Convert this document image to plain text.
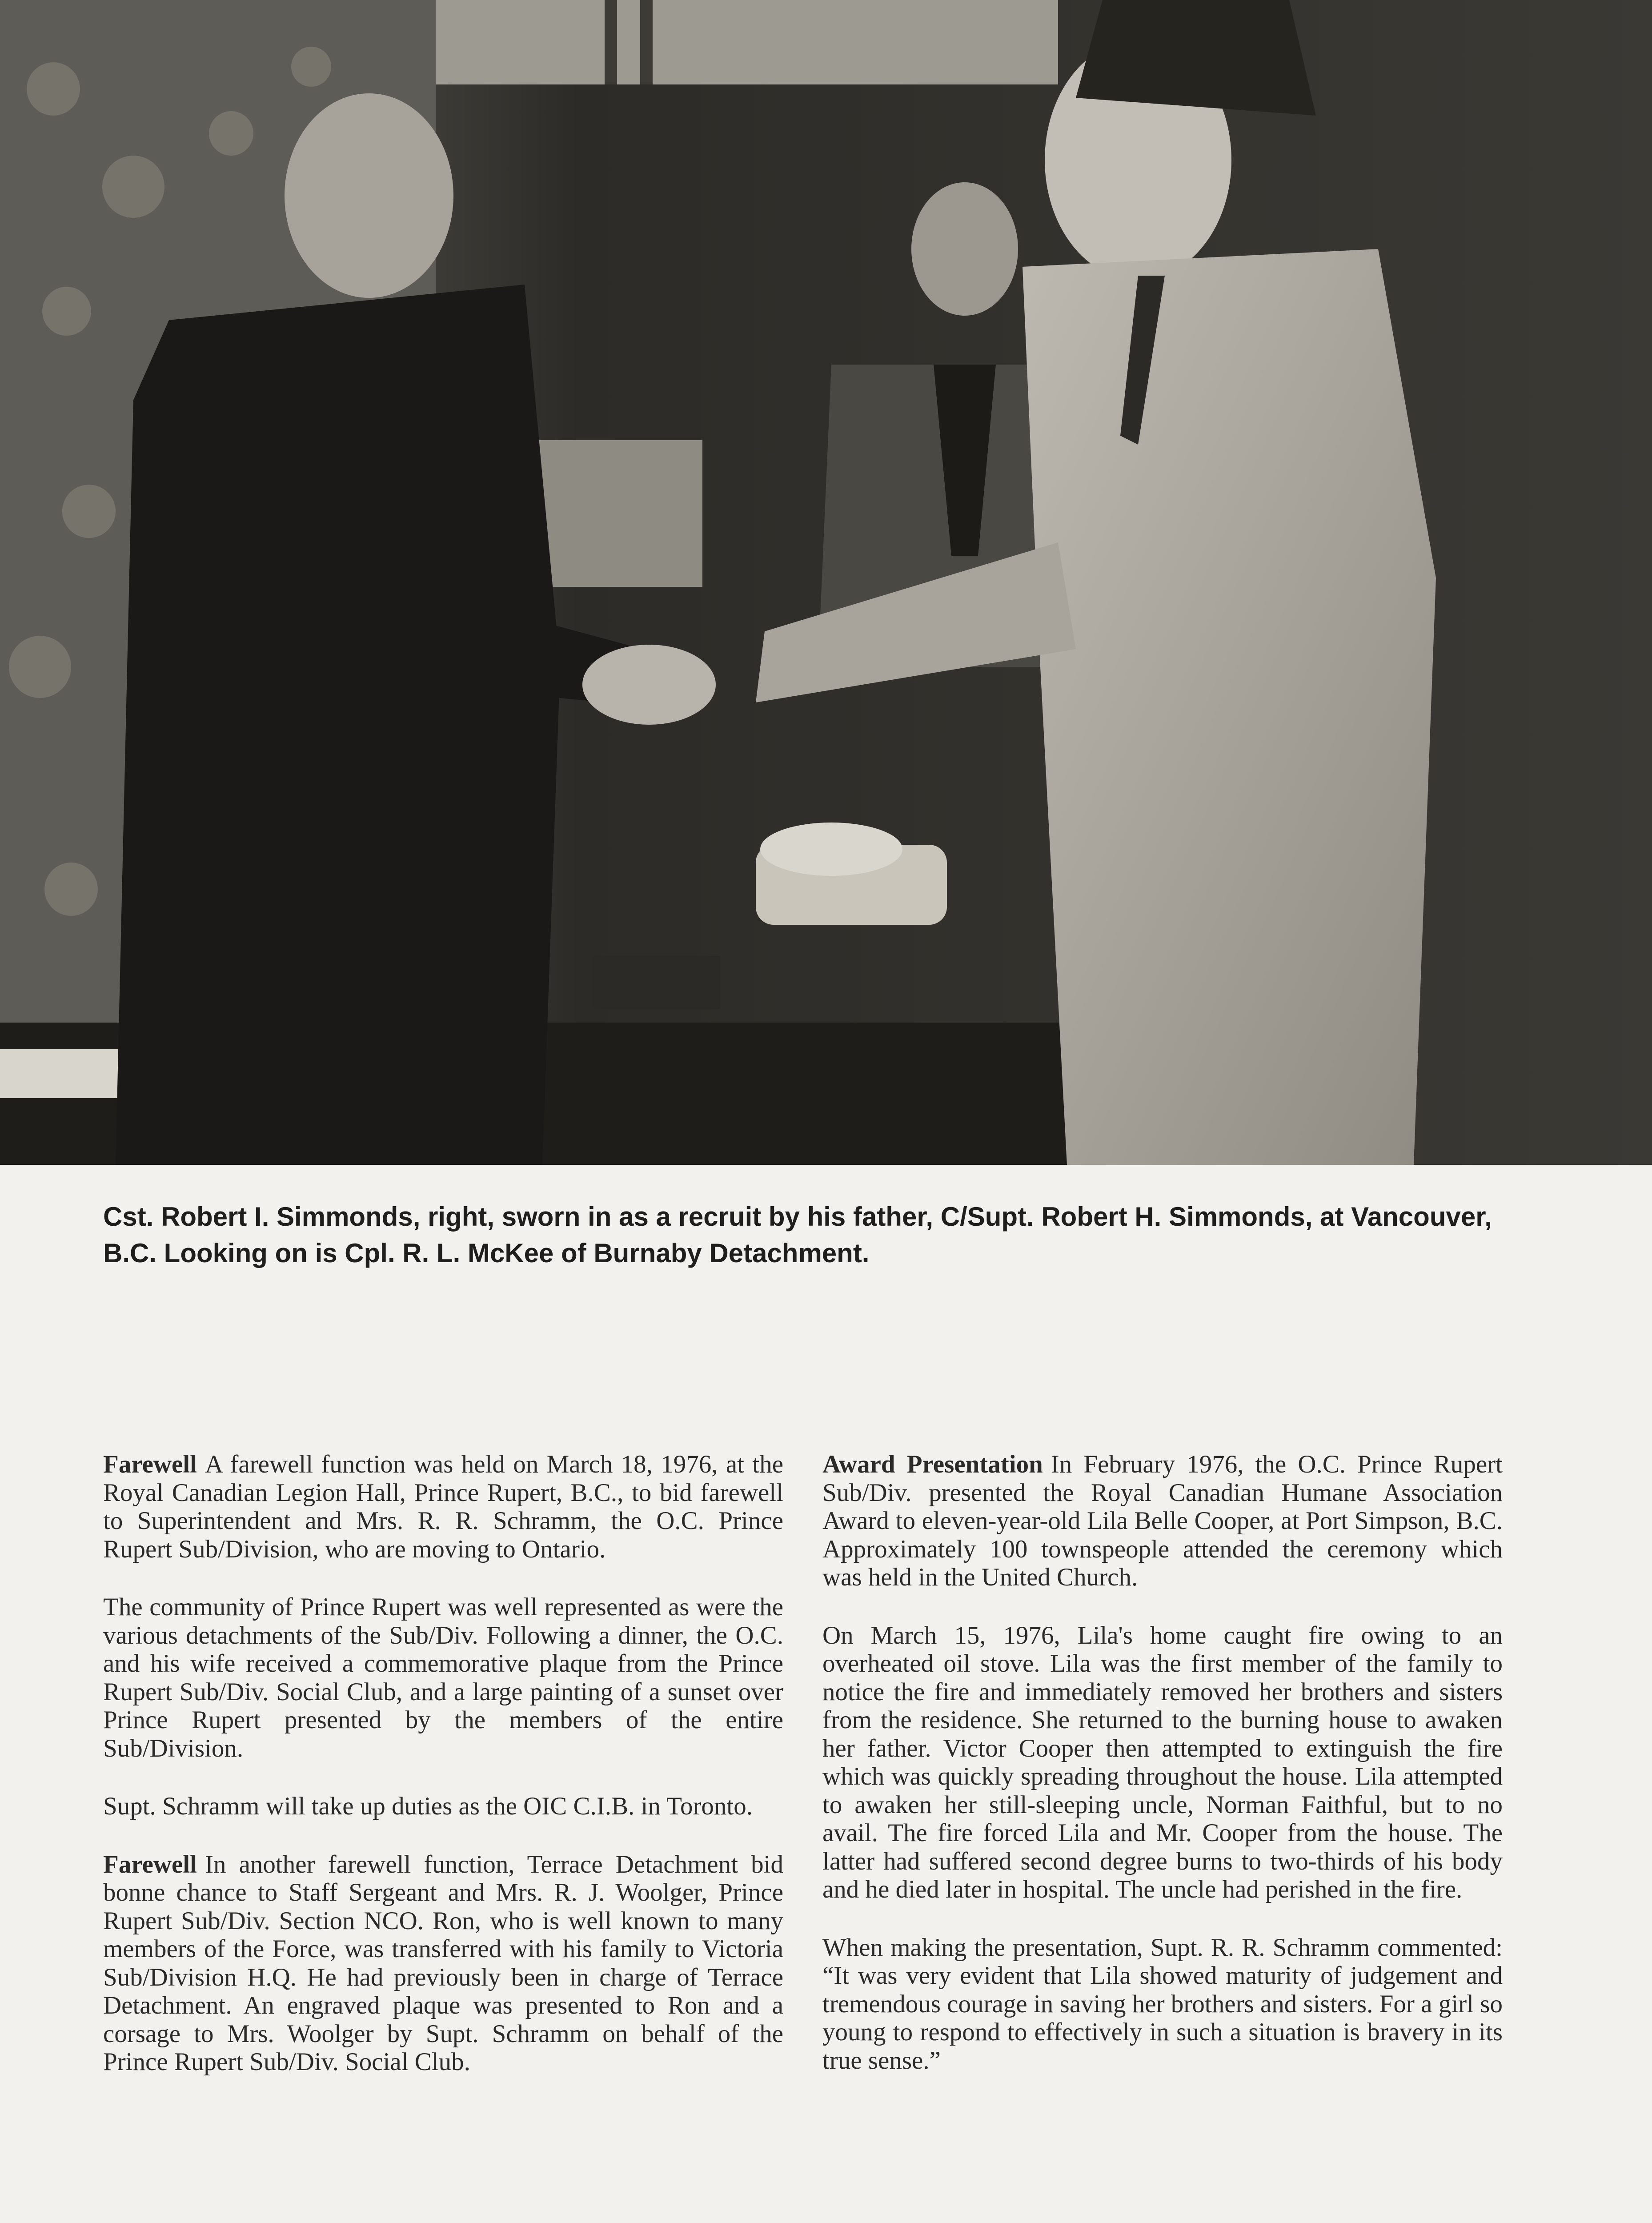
Cst. Robert I. Simmonds, right, sworn in as a recruit by his father, C/Supt. Robert H. Simmonds, at Vancouver, B.C. Looking on is Cpl. R. L. McKee of Burnaby Detachment.

Farewell A farewell function was held on March 18, 1976, at the Royal Canadian Legion Hall, Prince Rupert, B.C., to bid farewell to Superintendent and Mrs. R. R. Schramm, the O.C. Prince Rupert Sub/Division, who are moving to Ontario.

The community of Prince Rupert was well represented as were the various detachments of the Sub/Div. Following a dinner, the O.C. and his wife received a commemorative plaque from the Prince Rupert Sub/Div. Social Club, and a large painting of a sunset over Prince Rupert presented by the members of the entire Sub/Division.

Supt. Schramm will take up duties as the OIC C.I.B. in Toronto.

Farewell In another farewell function, Terrace Detachment bid bonne chance to Staff Sergeant and Mrs. R. J. Woolger, Prince Rupert Sub/Div. Section NCO. Ron, who is well known to many members of the Force, was transferred with his family to Victoria Sub/Division H.Q. He had previously been in charge of Terrace Detachment. An engraved plaque was presented to Ron and a corsage to Mrs. Woolger by Supt. Schramm on behalf of the Prince Rupert Sub/Div. Social Club.

Award Presentation In February 1976, the O.C. Prince Rupert Sub/Div. presented the Royal Canadian Humane Association Award to eleven-year-old Lila Belle Cooper, at Port Simpson, B.C. Approximately 100 townspeople attended the ceremony which was held in the United Church.

On March 15, 1976, Lila's home caught fire owing to an overheated oil stove. Lila was the first member of the family to notice the fire and immediately removed her brothers and sisters from the residence. She returned to the burning house to awaken her father. Victor Cooper then attempted to extinguish the fire which was quickly spreading throughout the house. Lila attempted to awaken her still-sleeping uncle, Norman Faithful, but to no avail. The fire forced Lila and Mr. Cooper from the house. The latter had suffered second degree burns to two-thirds of his body and he died later in hospital. The uncle had perished in the fire.

When making the presentation, Supt. R. R. Schramm commented: “It was very evident that Lila showed maturity of judgement and tremendous courage in saving her brothers and sisters. For a girl so young to respond to effectively in such a situation is bravery in its true sense.”
